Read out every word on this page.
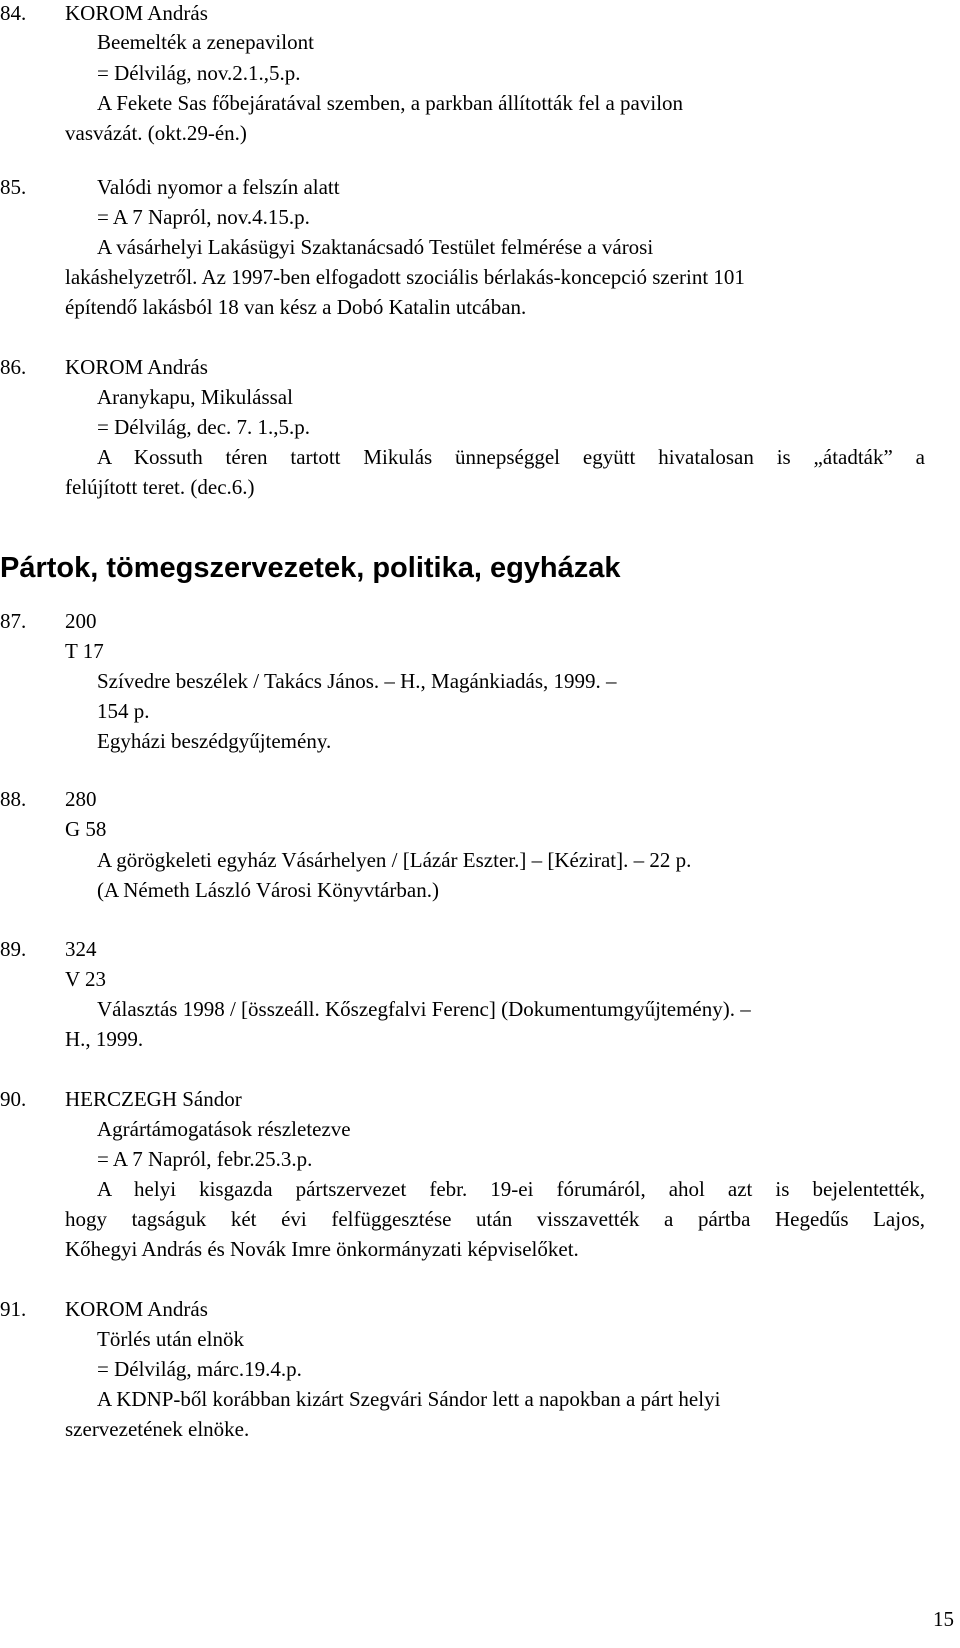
84. KOROM András
Beemelték a zenepavilont
= Délvilág, nov.2.1.,5.p.
A Fekete Sas főbejáratával szemben, a parkban állították fel a pavilon
vasvázát. (okt.29-én.)
85.	Valódi nyomor a felszín alatt
= A 7 Napról, nov.4.15.p.
A vásárhelyi Lakásügyi Szaktanácsadó Testület felmérése a városi
lakáshelyzetről. Az 1997-ben elfogadott szociális bérlakás-koncepció szerint 101
építendő lakásból 18 van kész a Dobó Katalin utcában.
86. KOROM András
Aranykapu, Mikulással
= Délvilág, dec. 7. 1.,5.p.
A Kossuth téren tartott Mikulás ünnepséggel együtt hivatalosan is „átadták” a
felújított teret. (dec.6.)
Pártok, tömegszervezetek, politika, egyházak
87. 200
T 17
Szívedre beszélek / Takács János. – H., Magánkiadás, 1999. –
154 p.
Egyházi beszédgyűjtemény.
88. 280
G 58
A görögkeleti egyház Vásárhelyen / [Lázár Eszter.] – [Kézirat]. – 22 p.
(A Németh László Városi Könyvtárban.)
89. 324
V 23
Választás 1998 / [összeáll. Kőszegfalvi Ferenc] (Dokumentumgyűjtemény). –
H., 1999.
90. HERCZEGH Sándor
Agrártámogatások részletezve
= A 7 Napról, febr.25.3.p.
A helyi kisgazda pártszervezet febr. 19-ei fórumáról, ahol azt is bejelentették,
hogy tagságuk két évi felfüggesztése után visszavették a pártba Hegedűs Lajos,
Kőhegyi András és Novák Imre önkormányzati képviselőket.
91. KOROM András
Törlés után elnök
= Délvilág, márc.19.4.p.
A KDNP-ből korábban kizárt Szegvári Sándor lett a napokban a párt helyi
szervezetének elnöke.
15
